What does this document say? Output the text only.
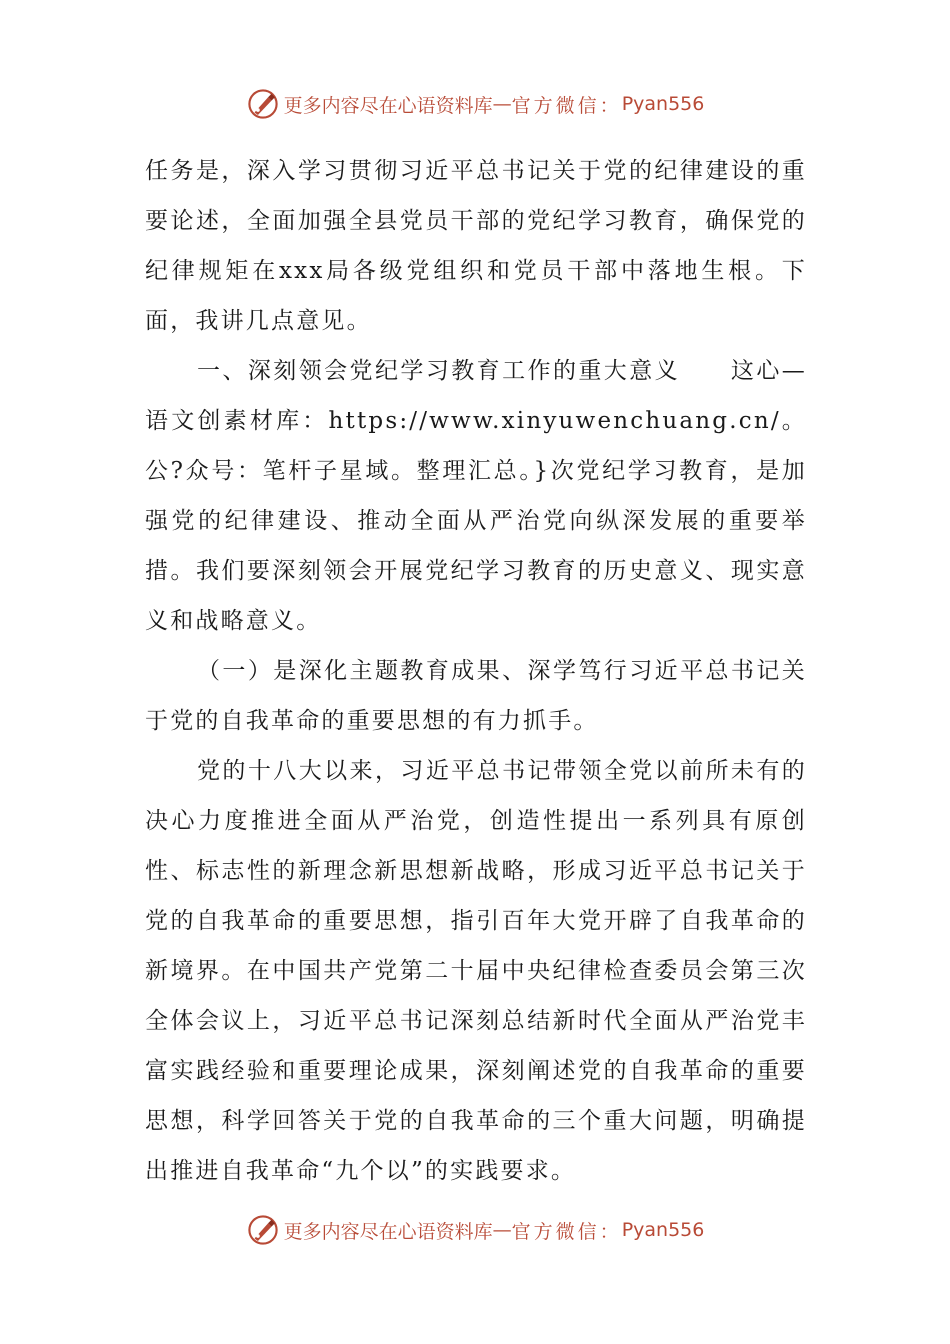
更多内容尽在心语资料库 — 官方微信： Pyan556

任务是，深入学习贯彻习近平总书记关于党的纪律建设的重要论述，全面加强全县党员干部的党纪学习教育，确保党的纪律规矩在xxx局各级党组织和党员干部中落地生根。下面，我讲几点意见。

一、深刻领会党纪学习教育工作的重大意义　　这心—语文创素材库：https://www.xinyuwenchuang.cn/。公?众号：笔杆子星域。整理汇总。}次党纪学习教育，是加强党的纪律建设、推动全面从严治党向纵深发展的重要举措。我们要深刻领会开展党纪学习教育的历史意义、现实意义和战略意义。

（一）是深化主题教育成果、深学笃行习近平总书记关于党的自我革命的重要思想的有力抓手。

党的十八大以来，习近平总书记带领全党以前所未有的决心力度推进全面从严治党，创造性提出一系列具有原创性、标志性的新理念新思想新战略，形成习近平总书记关于党的自我革命的重要思想，指引百年大党开辟了自我革命的新境界。在中国共产党第二十届中央纪律检查委员会第三次全体会议上，习近平总书记深刻总结新时代全面从严治党丰富实践经验和重要理论成果，深刻阐述党的自我革命的重要思想，科学回答关于党的自我革命的三个重大问题，明确提出推进自我革命“九个以”的实践要求。

更多内容尽在心语资料库 — 官方微信： Pyan556
